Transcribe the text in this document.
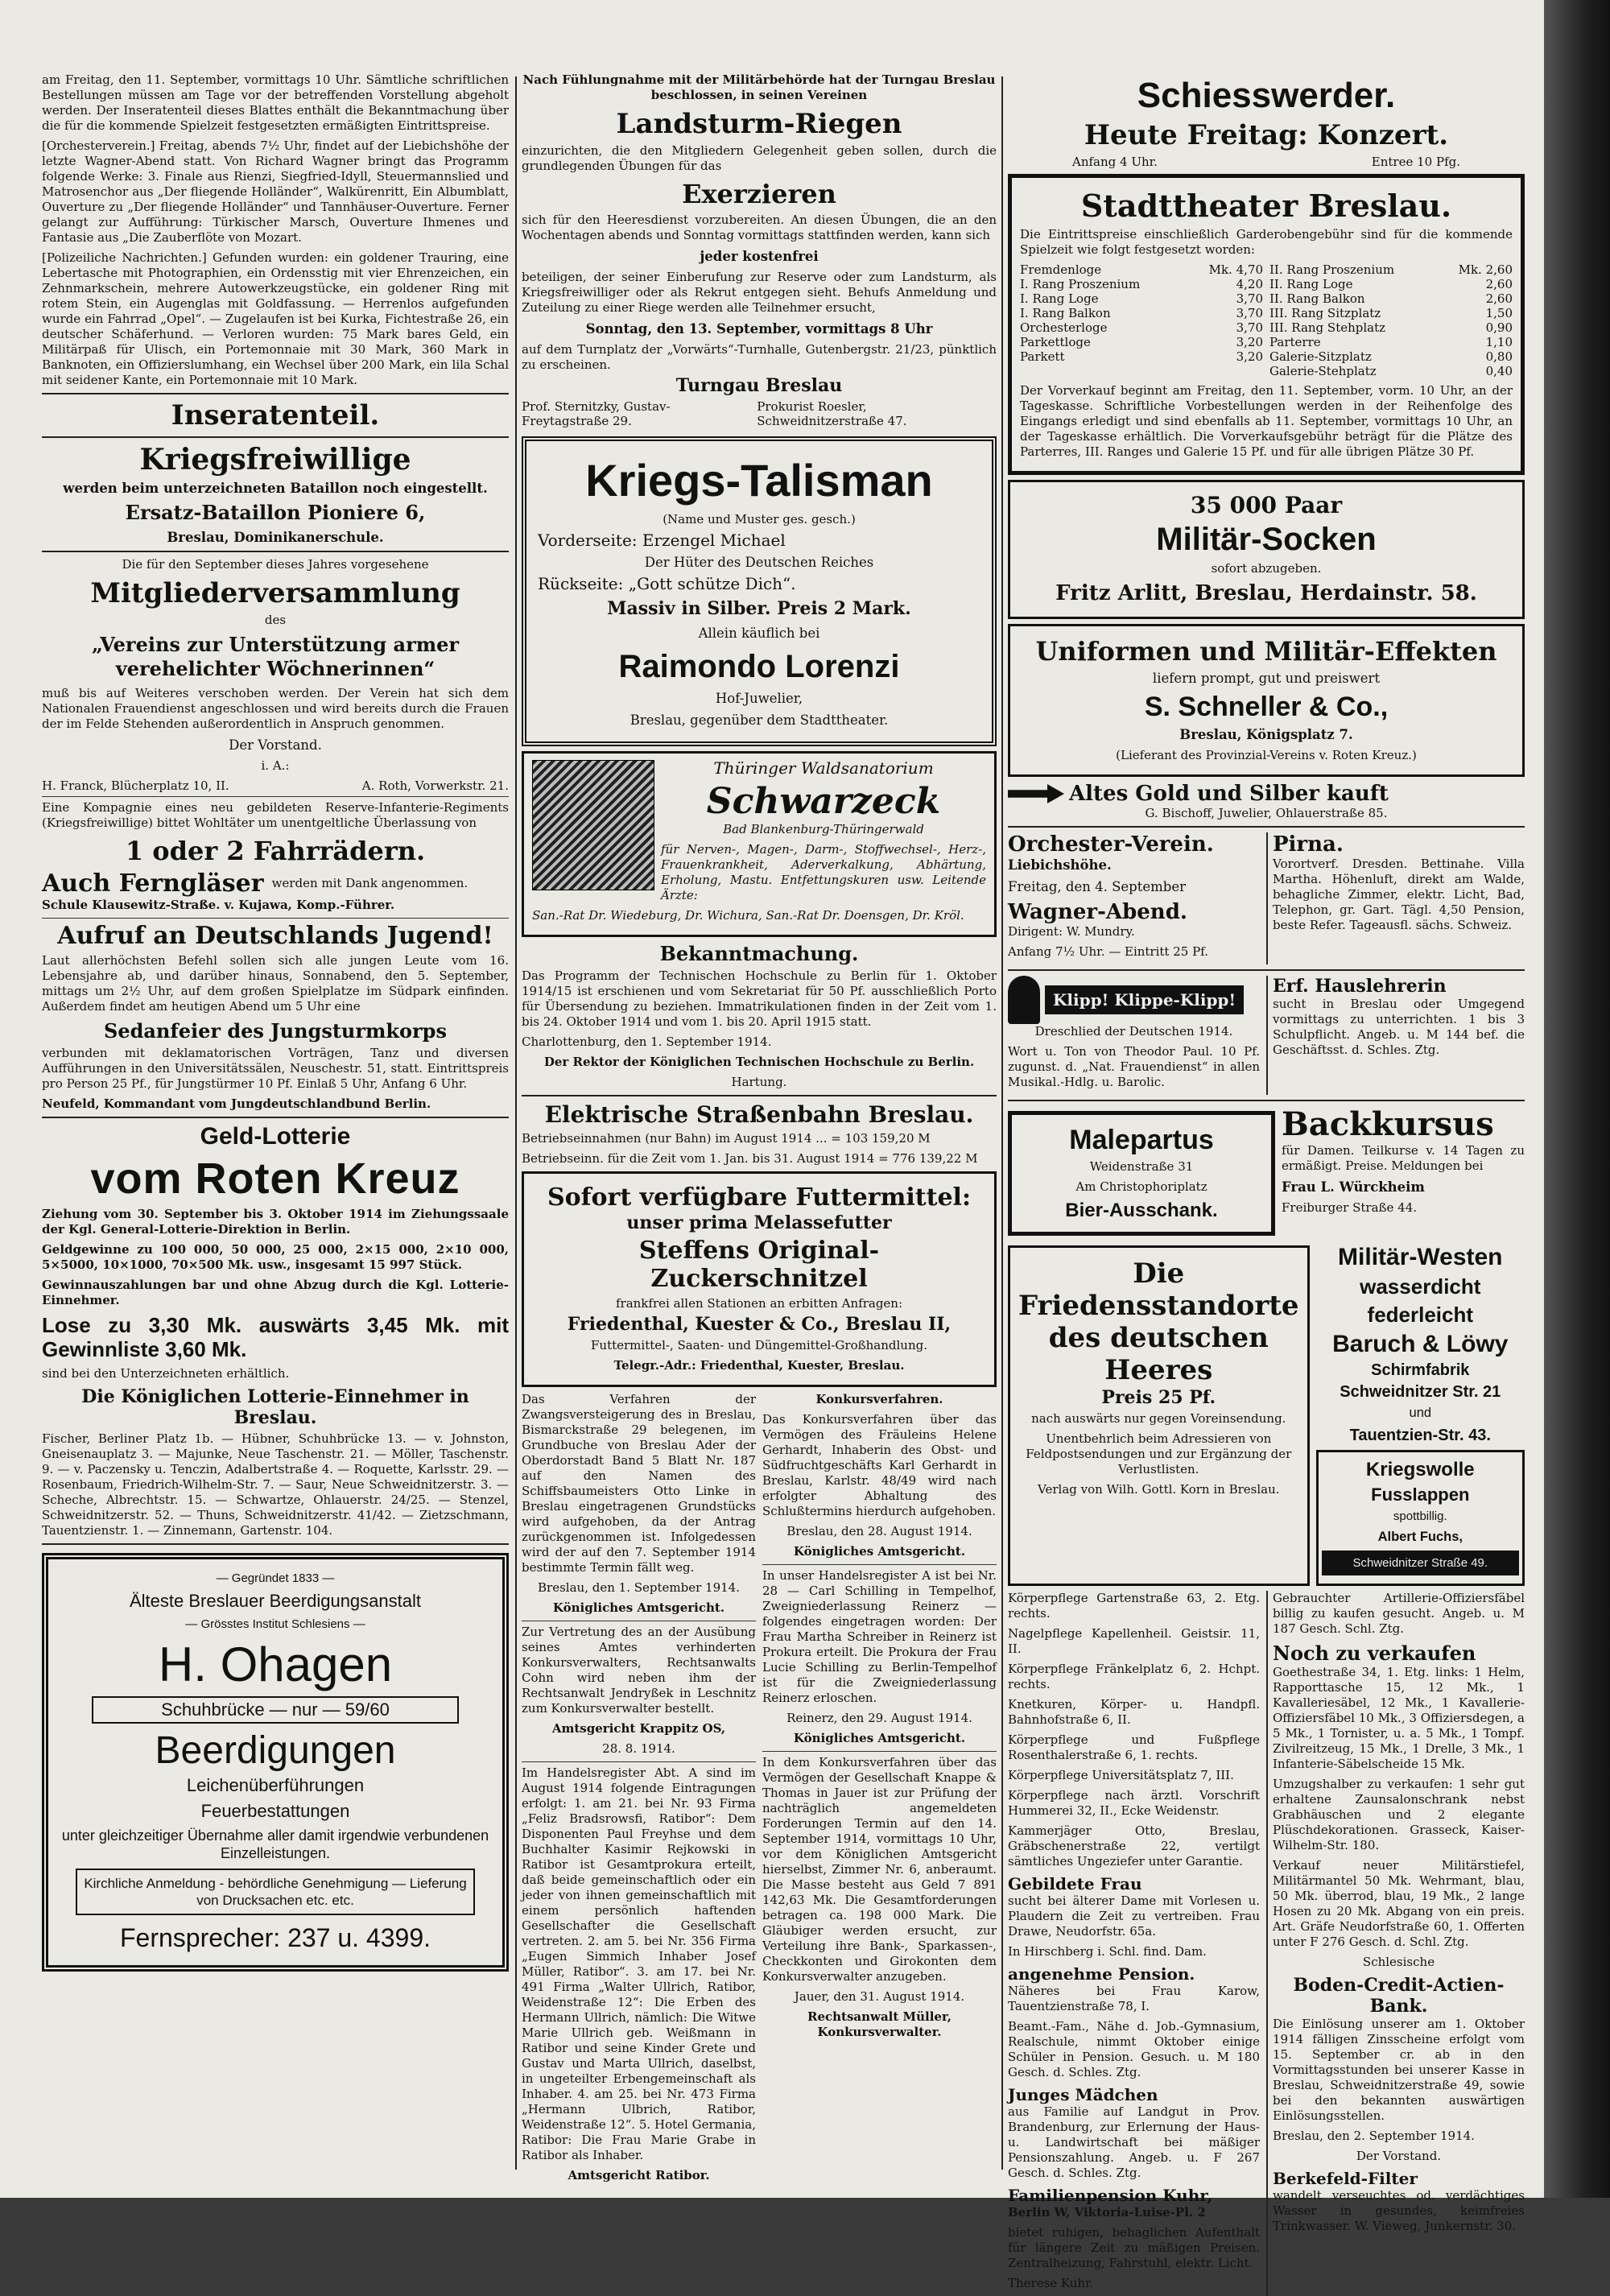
am Freitag, den 11. September, vormittags 10 Uhr. Sämtliche schriftlichen Bestellungen müssen am Tage vor der betreffenden Vorstellung abgeholt werden. Der Inseratenteil dieses Blattes enthält die Bekanntmachung über die für die kommende Spielzeit festgesetzten ermäßigten Eintrittspreise.

[Orchesterverein.] Freitag, abends 7½ Uhr, findet auf der Liebichshöhe der letzte Wagner-Abend statt. Von Richard Wagner bringt das Programm folgende Werke: 3. Finale aus Rienzi, Siegfried-Idyll, Steuermannslied und Matrosenchor aus „Der fliegende Holländer“, Walkürenritt, Ein Albumblatt, Ouverture zu „Der fliegende Holländer“ und Tannhäuser-Ouverture. Ferner gelangt zur Aufführung: Türkischer Marsch, Ouverture Ihmenes und Fantasie aus „Die Zauberflöte von Mozart.

[Polizeiliche Nachrichten.] Gefunden wurden: ein goldener Trauring, eine Lebertasche mit Photographien, ein Ordensstig mit vier Ehrenzeichen, ein Zehnmarkschein, mehrere Autowerkzeugstücke, ein goldener Ring mit rotem Stein, ein Augenglas mit Goldfassung. — Herrenlos aufgefunden wurde ein Fahrrad „Opel“. — Zugelaufen ist bei Kurka, Fichtestraße 26, ein deutscher Schäferhund. — Verloren wurden: 75 Mark bares Geld, ein Militärpaß für Ulisch, ein Portemonnaie mit 30 Mark, 360 Mark in Banknoten, ein Offizierslumhang, ein Wechsel über 200 Mark, ein lila Schal mit seidener Kante, ein Portemonnaie mit 10 Mark.

Inseratenteil.
Kriegsfreiwillige

werden beim unterzeichneten Bataillon noch eingestellt.

Ersatz-Bataillon Pioniere 6,

Breslau, Dominikanerschule.

Die für den September dieses Jahres vorgesehene

Mitgliederversammlung

des

„Vereins zur Unterstützung armer verehelichter Wöchnerinnen“

muß bis auf Weiteres verschoben werden. Der Verein hat sich dem Nationalen Frauendienst angeschlossen und wird bereits durch die Frauen der im Felde Stehenden außerordentlich in Anspruch genommen.

Der Vorstand.

i. A.:

H. Franck, Blücherplatz 10, II.	A. Roth, Vorwerkstr. 21.

Eine Kompagnie eines neu gebildeten Reserve-Infanterie-Regiments (Kriegsfreiwillige) bittet Wohltäter um unentgeltliche Überlassung von

1 oder 2 Fahrrädern.
Auch Ferngläser werden mit Dank angenommen.

Schule Klausewitz-Straße. v. Kujawa, Komp.-Führer.

Aufruf an Deutschlands Jugend!

Laut allerhöchsten Befehl sollen sich alle jungen Leute vom 16. Lebensjahre ab, und darüber hinaus, Sonnabend, den 5. September, mittags um 2½ Uhr, auf dem großen Spielplatze im Südpark einfinden. Außerdem findet am heutigen Abend um 5 Uhr eine

Sedanfeier des Jungsturmkorps

verbunden mit deklamatorischen Vorträgen, Tanz und diversen Aufführungen in den Universitätssälen, Neuschestr. 51, statt. Eintrittspreis pro Person 25 Pf., für Jungstürmer 10 Pf. Einlaß 5 Uhr, Anfang 6 Uhr.

Neufeld, Kommandant vom Jungdeutschlandbund Berlin.

Geld-Lotterie
vom Roten Kreuz

Ziehung vom 30. September bis 3. Oktober 1914 im Ziehungssaale der Kgl. General-Lotterie-Direktion in Berlin.

Geldgewinne zu 100 000, 50 000, 25 000, 2×15 000, 2×10 000, 5×5000, 10×1000, 70×500 Mk. usw., insgesamt 15 997 Stück.

Gewinnauszahlungen bar und ohne Abzug durch die Kgl. Lotterie-Einnehmer.

Lose zu 3,30 Mk. auswärts 3,45 Mk. mit Gewinnliste 3,60 Mk.

sind bei den Unterzeichneten erhältlich.

Die Königlichen Lotterie-Einnehmer in Breslau.

Fischer, Berliner Platz 1b. — Hübner, Schuhbrücke 13. — v. Johnston, Gneisenauplatz 3. — Majunke, Neue Taschenstr. 21. — Möller, Taschenstr. 9. — v. Paczensky u. Tenczin, Adalbertstraße 4. — Roquette, Karlsstr. 29. — Rosenbaum, Friedrich-Wilhelm-Str. 7. — Saur, Neue Schweidnitzerstr. 3. — Scheche, Albrechtstr. 15. — Schwartze, Ohlauerstr. 24/25. — Stenzel, Schweidnitzerstr. 52. — Thuns, Schweidnitzerstr. 41/42. — Zietzschmann, Tauentzienstr. 1. — Zinnemann, Gartenstr. 104.

— Gegründet 1833 —

Älteste Breslauer Beerdigungsanstalt

— Grösstes Institut Schlesiens —

H. Ohagen
Schuhbrücke — nur — 59/60
Beerdigungen

Leichenüberführungen

Feuerbestattungen

unter gleichzeitiger Übernahme aller damit irgendwie verbundenen Einzelleistungen.

Kirchliche Anmeldung - behördliche Genehmigung — Lieferung von Drucksachen etc. etc.
Fernsprecher: 237 u. 4399.

Nach Fühlungnahme mit der Militärbehörde hat der Turngau Breslau beschlossen, in seinen Vereinen

Landsturm-Riegen

einzurichten, die den Mitgliedern Gelegenheit geben sollen, durch die grundlegenden Übungen für das

Exerzieren

sich für den Heeresdienst vorzubereiten. An diesen Übungen, die an den Wochentagen abends und Sonntag vormittags stattfinden werden, kann sich

jeder kostenfrei

beteiligen, der seiner Einberufung zur Reserve oder zum Landsturm, als Kriegsfreiwilliger oder als Rekrut entgegen sieht. Behufs Anmeldung und Zuteilung zu einer Riege werden alle Teilnehmer ersucht,

Sonntag, den 13. September, vormittags 8 Uhr

auf dem Turnplatz der „Vorwärts“-Turnhalle, Gutenbergstr. 21/23, pünktlich zu erscheinen.

Turngau Breslau

Prof. Sternitzky, Gustav-Freytagstraße 29.
Prokurist Roesler, Schweidnitzerstraße 47.
Kriegs-Talisman

(Name und Muster ges. gesch.)

Vorderseite: Erzengel Michael

Der Hüter des Deutschen Reiches

Rückseite: „Gott schütze Dich“.

Massiv in Silber. Preis 2 Mark.

Allein käuflich bei

Raimondo Lorenzi

Hof-Juwelier,

Breslau, gegenüber dem Stadttheater.

Thüringer Waldsanatorium

Schwarzeck

Bad Blankenburg-Thüringerwald

für Nerven-, Magen-, Darm-, Stoffwechsel-, Herz-, Frauenkrankheit, Aderverkalkung, Abhärtung, Erholung, Mastu. Entfettungskuren usw. Leitende Ärzte:

San.-Rat Dr. Wiedeburg, Dr. Wichura, San.-Rat Dr. Doensgen, Dr. Kröl.

Bekanntmachung.

Das Programm der Technischen Hochschule zu Berlin für 1. Oktober 1914/15 ist erschienen und vom Sekretariat für 50 Pf. ausschließlich Porto für Übersendung zu beziehen. Immatrikulationen finden in der Zeit vom 1. bis 24. Oktober 1914 und vom 1. bis 20. April 1915 statt.

Charlottenburg, den 1. September 1914.

Der Rektor der Königlichen Technischen Hochschule zu Berlin.

Hartung.

Elektrische Straßenbahn Breslau.

Betriebseinnahmen (nur Bahn) im August 1914 ... = 103 159,20 M

Betriebseinn. für die Zeit vom 1. Jan. bis 31. August 1914 = 776 139,22 M

Sofort verfügbare Futtermittel:

unser prima Melassefutter

Steffens Original-Zuckerschnitzel

frankfrei allen Stationen an erbitten Anfragen:

Friedenthal, Kuester & Co., Breslau II,

Futtermittel-, Saaten- und Düngemittel-Großhandlung.

Telegr.-Adr.: Friedenthal, Kuester, Breslau.

Das Verfahren der Zwangsversteigerung des in Breslau, Bismarckstraße 29 belegenen, im Grundbuche von Breslau Ader der Oberdorstadt Band 5 Blatt Nr. 187 auf den Namen des Schiffsbaumeisters Otto Linke in Breslau eingetragenen Grundstücks wird aufgehoben, da der Antrag zurückgenommen ist. Infolgedessen wird der auf den 7. September 1914 bestimmte Termin fällt weg.

Breslau, den 1. September 1914.

Königliches Amtsgericht.

Zur Vertretung des an der Ausübung seines Amtes verhinderten Konkursverwalters, Rechtsanwalts Cohn wird neben ihm der Rechtsanwalt Jendryßek in Leschnitz zum Konkursverwalter bestellt.

Amtsgericht Krappitz OS,

28. 8. 1914.

Im Handelsregister Abt. A sind im August 1914 folgende Eintragungen erfolgt: 1. am 21. bei Nr. 93 Firma „Feliz Bradsrowsfi, Ratibor“: Dem Disponenten Paul Freyhse und dem Buchhalter Kasimir Rejkowski in Ratibor ist Gesamtprokura erteilt, daß beide gemeinschaftlich oder ein jeder von ihnen gemeinschaftlich mit einem persönlich haftenden Gesellschafter die Gesellschaft vertreten. 2. am 5. bei Nr. 356 Firma „Eugen Simmich Inhaber Josef Müller, Ratibor“. 3. am 17. bei Nr. 491 Firma „Walter Ullrich, Ratibor, Weidenstraße 12“: Die Erben des Hermann Ullrich, nämlich: Die Witwe Marie Ullrich geb. Weißmann in Ratibor und seine Kinder Grete und Gustav und Marta Ullrich, daselbst, in ungeteilter Erbengemeinschaft als Inhaber. 4. am 25. bei Nr. 473 Firma „Hermann Ulbrich, Ratibor, Weidenstraße 12“. 5. Hotel Germania, Ratibor: Die Frau Marie Grabe in Ratibor als Inhaber.

Amtsgericht Ratibor.

Konkursverfahren.

Das Konkursverfahren über das Vermögen des Fräuleins Helene Gerhardt, Inhaberin des Obst- und Südfruchtgeschäfts Karl Gerhardt in Breslau, Karlstr. 48/49 wird nach erfolgter Abhaltung des Schlußtermins hierdurch aufgehoben.

Breslau, den 28. August 1914.

Königliches Amtsgericht.

In unser Handelsregister A ist bei Nr. 28 — Carl Schilling in Tempelhof, Zweigniederlassung Reinerz — folgendes eingetragen worden: Der Frau Martha Schreiber in Reinerz ist Prokura erteilt. Die Prokura der Frau Lucie Schilling zu Berlin-Tempelhof ist für die Zweigniederlassung Reinerz erloschen.

Reinerz, den 29. August 1914.

Königliches Amtsgericht.

In dem Konkursverfahren über das Vermögen der Gesellschaft Knappe & Thomas in Jauer ist zur Prüfung der nachträglich angemeldeten Forderungen Termin auf den 14. September 1914, vormittags 10 Uhr, vor dem Königlichen Amtsgericht hierselbst, Zimmer Nr. 6, anberaumt. Die Masse besteht aus Geld 7 891 142,63 Mk. Die Gesamtforderungen betragen ca. 198 000 Mark. Die Gläubiger werden ersucht, zur Verteilung ihre Bank-, Sparkassen-, Checkkonten und Girokonten dem Konkursverwalter anzugeben.

Jauer, den 31. August 1914.

Rechtsanwalt Müller, Konkursverwalter.

Schiesswerder.
Heute Freitag: Konzert.
Anfang 4 Uhr.	Entree 10 Pfg.
Stadttheater Breslau.

Die Eintrittspreise einschließlich Garderobengebühr sind für die kommende Spielzeit wie folgt festgesetzt worden:

Fremdenloge	Mk. 4,70
I. Rang Proszenium	4,20
I. Rang Loge	3,70
I. Rang Balkon	3,70
Orchesterloge	3,70
Parkettloge	3,20
Parkett	3,20
II. Rang Proszenium	Mk. 2,60
II. Rang Loge	2,60
II. Rang Balkon	2,60
III. Rang Sitzplatz	1,50
III. Rang Stehplatz	0,90
Parterre	1,10
Galerie-Sitzplatz	0,80
Galerie-Stehplatz	0,40

Der Vorverkauf beginnt am Freitag, den 11. September, vorm. 10 Uhr, an der Tageskasse. Schriftliche Vorbestellungen werden in der Reihenfolge des Eingangs erledigt und sind ebenfalls ab 11. September, vormittags 10 Uhr, an der Tageskasse erhältlich. Die Vorverkaufsgebühr beträgt für die Plätze des Parterres, III. Ranges und Galerie 15 Pf. und für alle übrigen Plätze 30 Pf.

35 000 Paar
Militär-Socken

sofort abzugeben.

Fritz Arlitt, Breslau, Herdainstr. 58.

Uniformen und Militär-Effekten

liefern prompt, gut und preiswert

S. Schneller & Co.,

Breslau, Königsplatz 7.

(Lieferant des Provinzial-Vereins v. Roten Kreuz.)

Altes Gold und Silber kauft

G. Bischoff, Juwelier, Ohlauerstraße 85.

Orchester-Verein.

Liebichshöhe.

Freitag, den 4. September

Wagner-Abend.

Dirigent: W. Mundry.

Anfang 7½ Uhr. — Eintritt 25 Pf.

Pirna.

Vorortverf. Dresden. Bettinahe. Villa Martha. Höhenluft, direkt am Walde, behagliche Zimmer, elektr. Licht, Bad, Telephon, gr. Gart. Tägl. 4,50 Pension, beste Refer. Tageausfl. sächs. Schweiz.

Klipp! Klippe-Klipp!

Dreschlied der Deutschen 1914.

Wort u. Ton von Theodor Paul. 10 Pf. zugunst. d. „Nat. Frauendienst“ in allen Musikal.-Hdlg. u. Barolic.

Erf. Hauslehrerin

sucht in Breslau oder Umgegend vormittags zu unterrichten. 1 bis 3 Schulpflicht. Angeb. u. M 144 bef. die Geschäftsst. d. Schles. Ztg.

Malepartus

Weidenstraße 31

Am Christophoriplatz

Bier-Ausschank.
Backkursus

für Damen. Teilkurse v. 14 Tagen zu ermäßigt. Preise. Meldungen bei

Frau L. Würckheim

Freiburger Straße 44.

Die Friedensstandorte des deutschen Heeres

Preis 25 Pf.

nach auswärts nur gegen Voreinsendung.

Unentbehrlich beim Adressieren von Feldpostsendungen und zur Ergänzung der Verlustlisten.

Verlag von Wilh. Gottl. Korn in Breslau.

Militär-Westen
wasserdicht
federleicht
Baruch & Löwy
Schirmfabrik
Schweidnitzer Str. 21

und

Tauentzien-Str. 43.
Kriegswolle
Fusslappen

spottbillig.

Albert Fuchs,

Schweidnitzer Straße 49.

Körperpflege Gartenstraße 63, 2. Etg. rechts.

Nagelpflege Kapellenheil. Geistsir. 11, II.

Körperpflege Fränkelplatz 6, 2. Hchpt. rechts.

Knetkuren, Körper- u. Handpfl. Bahnhofstraße 6, II.

Körperpflege und Fußpflege Rosenthalerstraße 6, 1. rechts.

Körperpflege Universitätsplatz 7, III.

Körperpflege nach ärztl. Vorschrift Hummerei 32, II., Ecke Weidenstr.

Kammerjäger Otto, Breslau, Gräbschenerstraße 22, vertilgt sämtliches Ungeziefer unter Garantie.

Gebildete Frau

sucht bei älterer Dame mit Vorlesen u. Plaudern die Zeit zu vertreiben. Frau Drawe, Neudorfstr. 65a.

In Hirschberg i. Schl. find. Dam.

angenehme Pension.

Näheres bei Frau Karow, Tauentzienstraße 78, I.

Beamt.-Fam., Nähe d. Job.-Gymnasium, Realschule, nimmt Oktober einige Schüler in Pension. Gesuch. u. M 180 Gesch. d. Schles. Ztg.

Junges Mädchen

aus Familie auf Landgut in Prov. Brandenburg, zur Erlernung der Haus- u. Landwirtschaft bei mäßiger Pensionszahlung. Angeb. u. F 267 Gesch. d. Schles. Ztg.

Familienpension Kuhr,

Berlin W, Viktoria-Luise-Pl. 2

bietet ruhigen, behaglichen Aufenthalt für längere Zeit zu mäßigen Preisen. Zentralheizung, Fahrstuhl, elektr. Licht.

Therese Kuhr.

Gebrauchter Artillerie-Offiziersfäbel billig zu kaufen gesucht. Angeb. u. M 187 Gesch. Schl. Ztg.

Noch zu verkaufen

Goethestraße 34, 1. Etg. links: 1 Helm, Rapporttasche 15, 12 Mk., 1 Kavalleriesäbel, 12 Mk., 1 Kavallerie-Offiziersfäbel 10 Mk., 3 Offiziersdegen, a 5 Mk., 1 Tornister, u. a. 5 Mk., 1 Tompf. Zivilreitzeug, 15 Mk., 1 Drelle, 3 Mk., 1 Infanterie-Säbelscheide 15 Mk.

Umzugshalber zu verkaufen: 1 sehr gut erhaltene Zaunsalonschrank nebst Grabhäuschen und 2 elegante Plüschdekorationen. Grasseck, Kaiser-Wilhelm-Str. 180.

Verkauf neuer Militärstiefel, Militärmantel 50 Mk. Wehrmant, blau, 50 Mk. überrod, blau, 19 Mk., 2 lange Hosen zu 20 Mk. Abgang von ein preis. Art. Gräfe Neudorfstraße 60, 1. Offerten unter F 276 Gesch. d. Schl. Ztg.

Schlesische

Boden-Credit-Actien-Bank.

Die Einlösung unserer am 1. Oktober 1914 fälligen Zinsscheine erfolgt vom 15. September cr. ab in den Vormittagsstunden bei unserer Kasse in Breslau, Schweidnitzerstraße 49, sowie bei den bekannten auswärtigen Einlösungsstellen.

Breslau, den 2. September 1914.

Der Vorstand.

Berkefeld-Filter

wandelt verseuchtes od. verdächtiges Wasser in gesundes, keimfreies Trinkwasser. W. Vieweg, Junkernstr. 30.
